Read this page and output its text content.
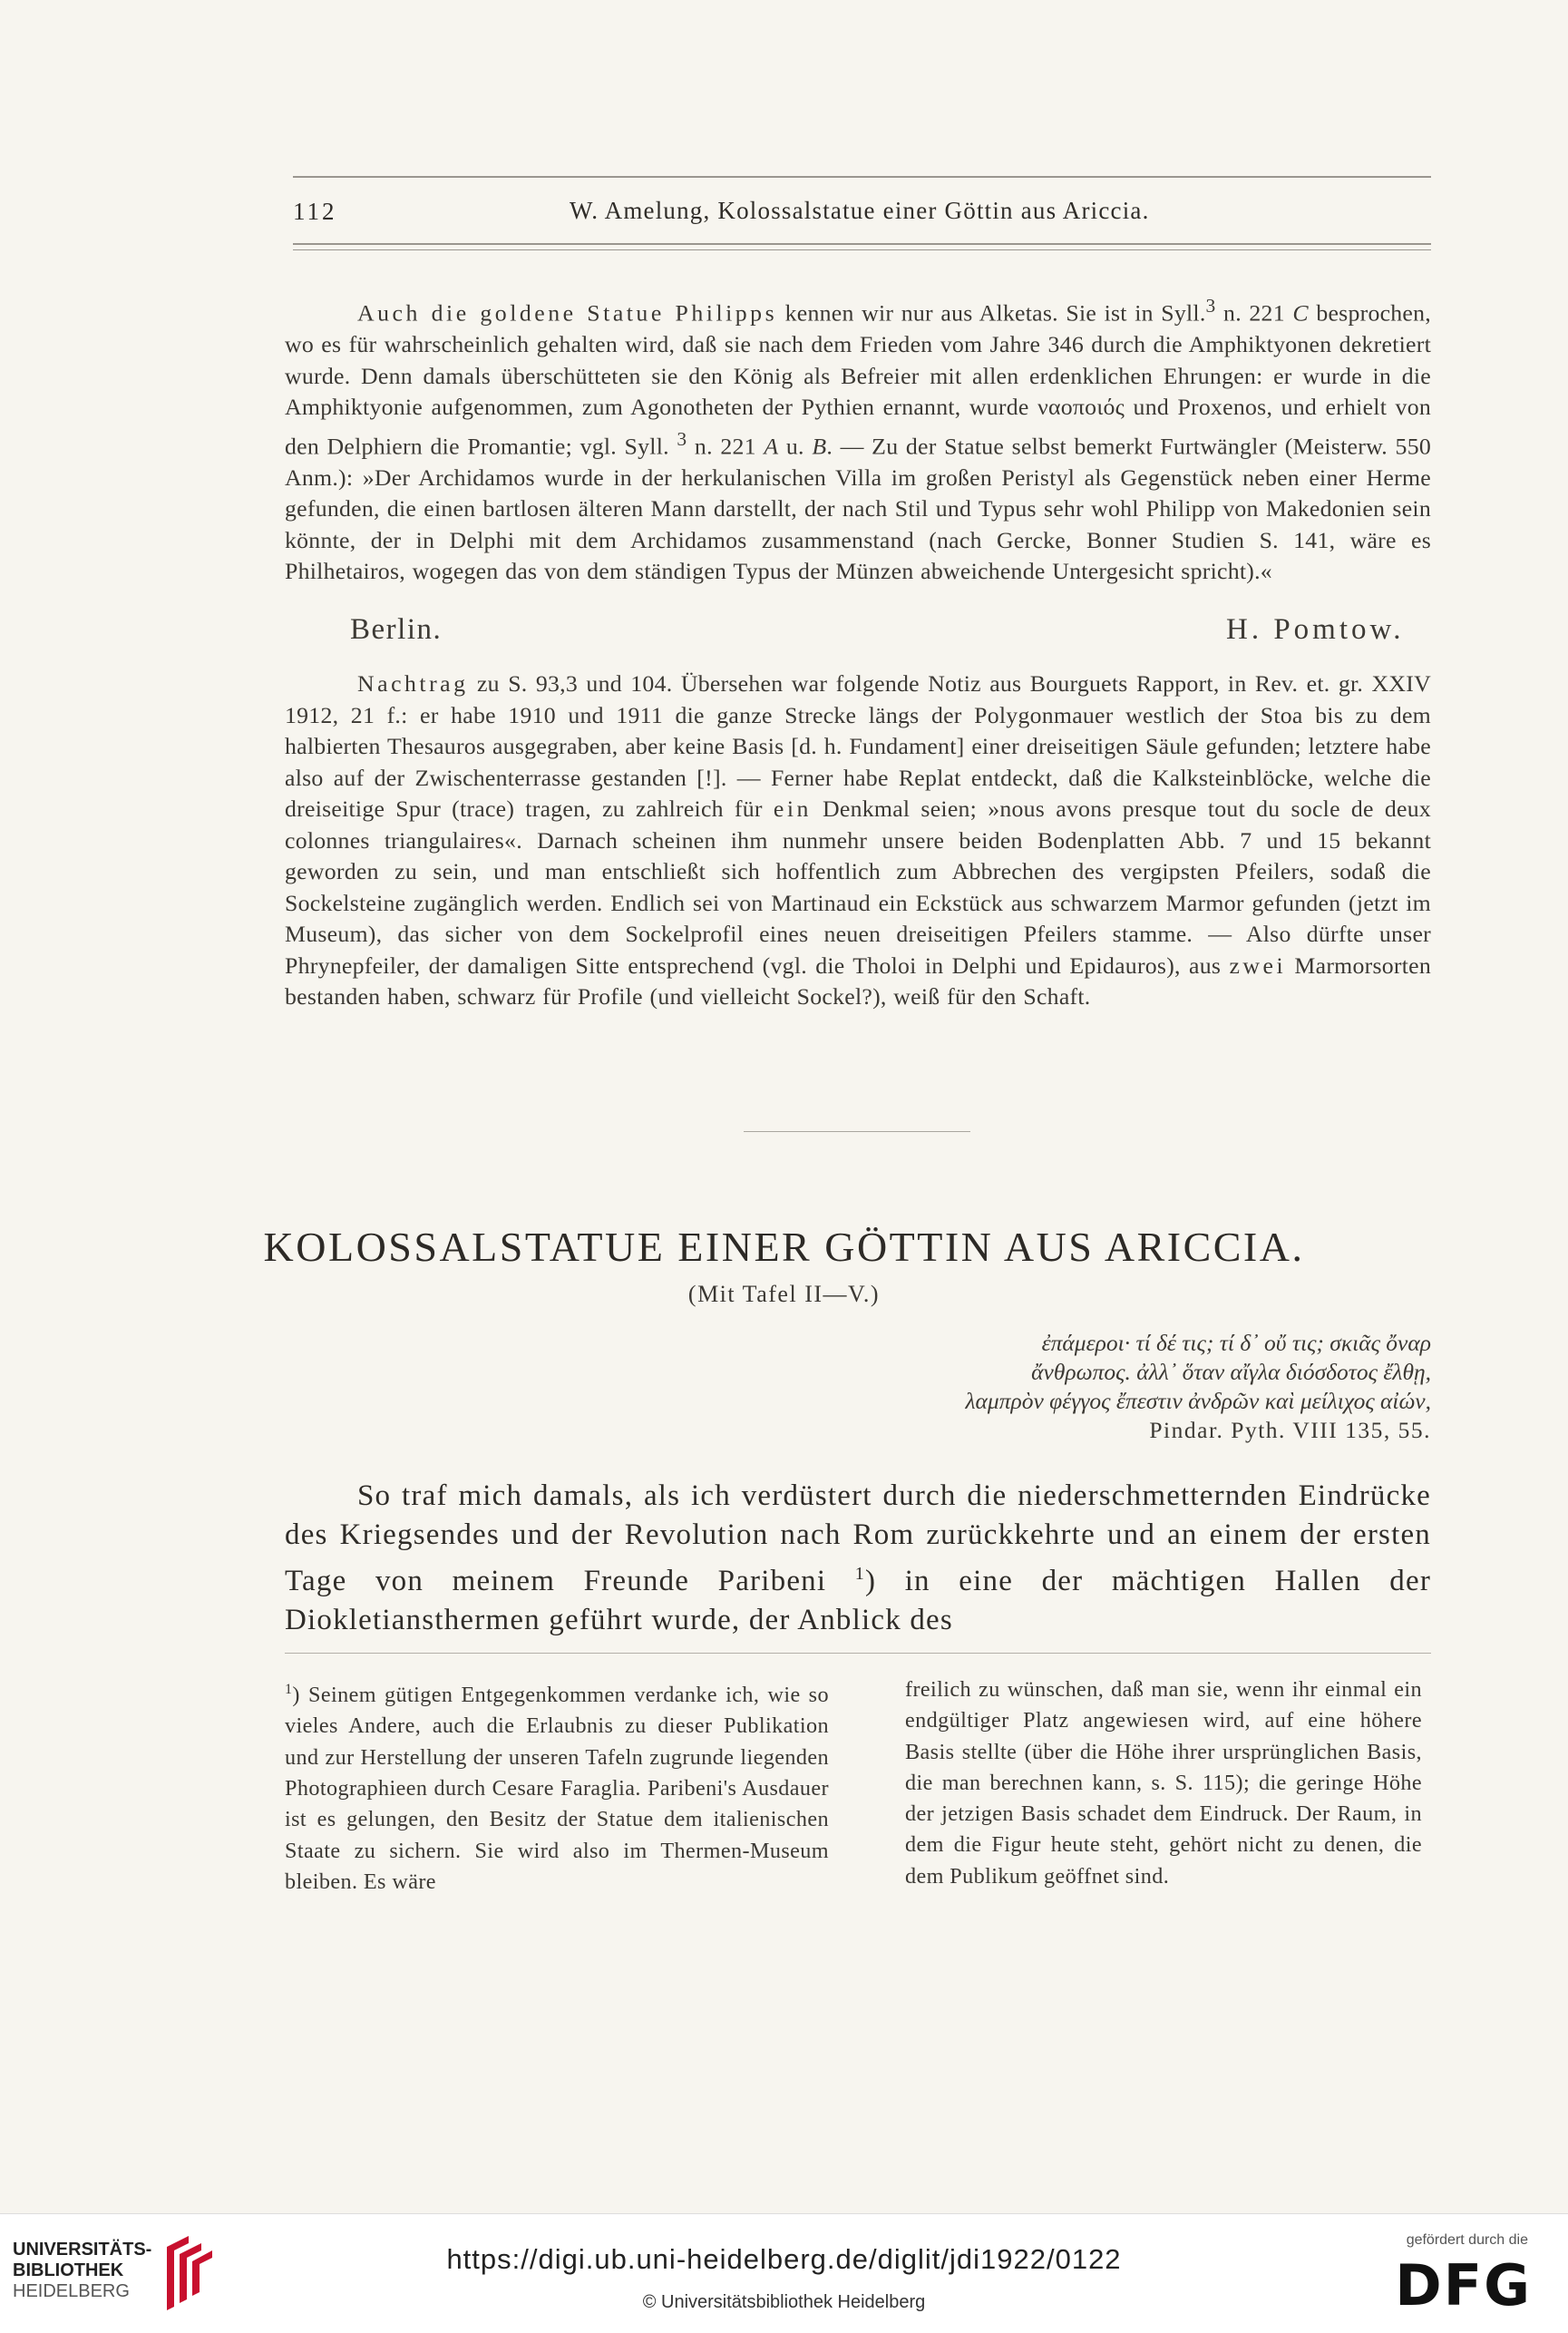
112	W. Amelung, Kolossalstatue einer Göttin aus Ariccia.

Auch die goldene Statue Philipps kennen wir nur aus Alketas. Sie ist in Syll.$^3$ n. 221 C besprochen, wo es für wahrscheinlich gehalten wird, daß sie nach dem Frieden vom Jahre 346 durch die Amphiktyonen dekretiert wurde. Denn damals überschütteten sie den König als Befreier mit allen erdenklichen Ehrungen: er wurde in die Amphiktyonie aufgenommen, zum Agonotheten der Pythien ernannt, wurde ναοποιός und Proxenos, und erhielt von den Delphiern die Promantie; vgl. Syll. $^3$ n. 221 A u. B. — Zu der Statue selbst bemerkt Furtwängler (Meisterw. 550 Anm.): »Der Archidamos wurde in der herkulanischen Villa im großen Peristyl als Gegenstück neben einer Herme gefunden, die einen bartlosen älteren Mann darstellt, der nach Stil und Typus sehr wohl Philipp von Makedonien sein könnte, der in Delphi mit dem Archidamos zusammenstand (nach Gercke, Bonner Studien S. 141, wäre es Philhetairos, wogegen das von dem ständigen Typus der Münzen abweichende Untergesicht spricht).«

Berlin.	H. Pomtow.

Nachtrag zu S. 93,3 und 104. Übersehen war folgende Notiz aus Bourguets Rapport, in Rev. et. gr. XXIV 1912, 21 f.: er habe 1910 und 1911 die ganze Strecke längs der Polygonmauer westlich der Stoa bis zu dem halbierten Thesauros ausgegraben, aber keine Basis [d. h. Fundament] einer dreiseitigen Säule gefunden; letztere habe also auf der Zwischenterrasse gestanden [!]. — Ferner habe Replat entdeckt, daß die Kalksteinblöcke, welche die dreiseitige Spur (trace) tragen, zu zahlreich für ein Denkmal seien; »nous avons presque tout du socle de deux colonnes triangulaires«. Darnach scheinen ihm nunmehr unsere beiden Bodenplatten Abb. 7 und 15 bekannt geworden zu sein, und man entschließt sich hoffentlich zum Abbrechen des vergipsten Pfeilers, sodaß die Sockelsteine zugänglich werden. Endlich sei von Martinaud ein Eckstück aus schwarzem Marmor gefunden (jetzt im Museum), das sicher von dem Sockelprofil eines neuen dreiseitigen Pfeilers stamme. — Also dürfte unser Phrynepfeiler, der damaligen Sitte entsprechend (vgl. die Tholoi in Delphi und Epidauros), aus zwei Marmorsorten bestanden haben, schwarz für Profile (und vielleicht Sockel?), weiß für den Schaft.

KOLOSSALSTATUE EINER GÖTTIN AUS ARICCIA.
(Mit Tafel II—V.)
ἐπάμεροι· τί δέ τις; τί δ᾽ οὔ τις; σκιᾶς ὄναρ
ἄνθρωπος. ἀλλ᾽ ὅταν αἴγλα διόσδοτος ἔλθῃ,
λαμπρὸν φέγγος ἔπεστιν ἀνδρῶν καὶ μείλιχος αἰών,
Pindar. Pyth. VIII 135, 55.

So traf mich damals, als ich verdüstert durch die niederschmetternden Eindrücke des Kriegsendes und der Revolution nach Rom zurückkehrte und an einem der ersten Tage von meinem Freunde Paribeni $^1$) in eine der mächtigen Hallen der Diokletiansthermen geführt wurde, der Anblick des

$^1$) Seinem gütigen Entgegenkommen verdanke ich, wie so vieles Andere, auch die Erlaubnis zu dieser Publikation und zur Herstellung der unseren Tafeln zugrunde liegenden Photographieen durch Cesare Faraglia. Paribeni's Ausdauer ist es gelungen, den Besitz der Statue dem italienischen Staate zu sichern. Sie wird also im Thermen-Museum bleiben. Es wäre

freilich zu wünschen, daß man sie, wenn ihr einmal ein endgültiger Platz angewiesen wird, auf eine höhere Basis stellte (über die Höhe ihrer ursprünglichen Basis, die man berechnen kann, s. S. 115); die geringe Höhe der jetzigen Basis schadet dem Eindruck. Der Raum, in dem die Figur heute steht, gehört nicht zu denen, die dem Publikum geöffnet sind.

UNIVERSITÄTS-
BIBLIOTHEK
HEIDELBERG
https://digi.ub.uni-heidelberg.de/diglit/jdi1922/0122
© Universitätsbibliothek Heidelberg
gefördert durch die
DFG
